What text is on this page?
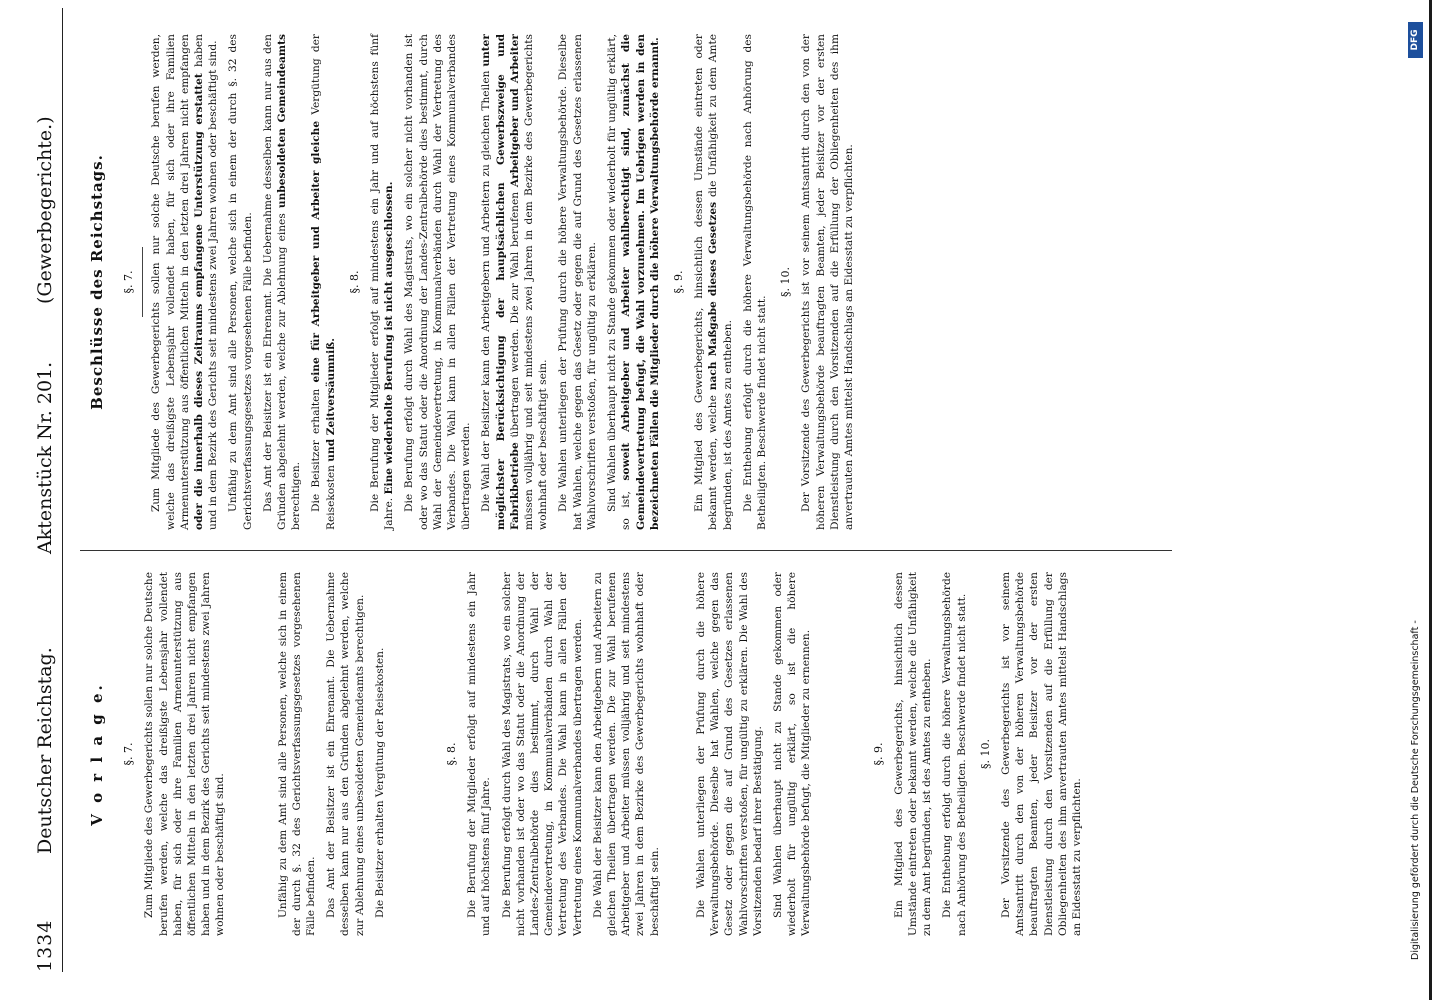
1334
Deutscher Reichstag.
Aktenstück Nr. 201.
(Gewerbegerichte.)
V o r l a g e. §. 7. Zum Mitgliede des Gewerbegerichts sollen nur solche Deutsche berufen werden, welche das dreißigste Lebensjahr vollendet haben, für sich oder ihre Familien Armenunterstützung aus öffentlichen Mitteln in den letzten drei Jahren nicht empfangen haben und in dem Bezirk des Gerichts seit mindestens zwei Jahren wohnen oder beschäftigt sind.	Unfähig zu dem Amt sind alle Personen, welche sich in einem der durch §. 32 des Gerichtsverfassungsgesetzes vorgesehenen Fälle befinden. Das Amt der Beisitzer ist ein Ehrenamt. Die Uebernahme desselben kann nur aus den Gründen abgelehnt werden, welche zur Ablehnung eines unbesoldeten Gemeindeamts berechtigen. Die Beisitzer erhalten Vergütung der Reisekosten.	§. 8. Die Berufung der Mitglieder erfolgt auf mindestens ein Jahr und auf höchstens fünf Jahre. Die Berufung erfolgt durch Wahl des Magistrats, wo ein solcher nicht vorhanden ist oder wo das Statut oder die Anordnung der Landes-Zentralbehörde dies bestimmt, durch Wahl der Gemeindevertretung, in Kommunalverbänden durch Wahl der Vertretung des Verbandes. Die Wahl kann in allen Fällen der Vertretung eines Kommunalverbandes übertragen werden. Die Wahl der Beisitzer kann den Arbeitgebern und Arbeitern zu gleichen Theilen übertragen werden. Die zur Wahl berufenen Arbeitgeber und Arbeiter müssen volljährig und seit mindestens zwei Jahren in dem Bezirke des Gewerbegerichts wohnhaft oder beschäftigt sein.	Die Wahlen unterliegen der Prüfung durch die höhere Verwaltungsbehörde. Dieselbe hat Wahlen, welche gegen das Gesetz oder gegen die auf Grund des Gesetzes erlassenen Wahlvorschriften verstoßen, für ungültig zu erklären. Die Wahl des Vorsitzenden bedarf ihrer Bestätigung. Sind Wahlen überhaupt nicht zu Stande gekommen oder wiederholt für ungültig erklärt, so ist die höhere Verwaltungsbehörde befugt, die Mitglieder zu ernennen.	§. 9. Ein Mitglied des Gewerbegerichts, hinsichtlich dessen Umstände eintreten oder bekannt werden, welche die Unfähigkeit zu dem Amt begründen, ist des Amtes zu entheben. Die Enthebung erfolgt durch die höhere Verwaltungsbehörde nach Anhörung des Betheiligten. Beschwerde findet nicht statt. §. 10. Der Vorsitzende des Gewerbegerichts ist vor seinem Amtsantritt durch den von der höheren Verwaltungsbehörde beauftragten Beamten, jeder Beisitzer vor der ersten Dienstleistung durch den Vorsitzenden auf die Erfüllung der Obliegenheiten des ihm anvertrauten Amtes mittelst Handschlags an Eidesstatt zu verpflichten.

Beschlüsse des Reichstags. §. 7. Zum Mitgliede des Gewerbegerichts sollen nur solche Deutsche berufen werden, welche das dreißigste Lebensjahr vollendet haben, für sich oder ihre Familien Armenunterstützung aus öffentlichen Mitteln in den letzten drei Jahren nicht empfangen oder die innerhalb dieses Zeitraums empfangene Unterstützung erstattet haben und in dem Bezirk des Gerichts seit mindestens zwei Jahren wohnen oder beschäftigt sind. Unfähig zu dem Amt sind alle Personen, welche sich in einem der durch §. 32 des Gerichtsverfassungsgesetzes vorgesehenen Fälle befinden. Das Amt der Beisitzer ist ein Ehrenamt. Die Uebernahme desselben kann nur aus den Gründen abgelehnt werden, welche zur Ablehnung eines unbesoldeten Gemeindeamts berechtigen. Die Beisitzer erhalten eine für Arbeitgeber und Arbeiter gleiche Vergütung der Reisekosten und Zeitversäumniß.

§. 8. Die Berufung der Mitglieder erfolgt auf mindestens ein Jahr und auf höchstens fünf Jahre. Eine wiederholte Berufung ist nicht ausgeschlossen. Die Berufung erfolgt durch Wahl des Magistrats, wo ein solcher nicht vorhanden ist oder wo das Statut oder die Anordnung der Landes-Zentralbehörde dies bestimmt, durch Wahl der Gemeindevertretung, in Kommunalverbänden durch Wahl der Vertretung des Verbandes. Die Wahl kann in allen Fällen der Vertretung eines Kommunalverbandes übertragen werden. Die Wahl der Beisitzer kann den Arbeitgebern und Arbeitern zu gleichen Theilen unter möglichster Berücksichtigung der hauptsächlichen Gewerbszweige und Fabrikbetriebe übertragen werden. Die zur Wahl berufenen Arbeitgeber und Arbeiter müssen volljährig und seit mindestens zwei Jahren in dem Bezirke des Gewerbegerichts wohnhaft oder beschäftigt sein. Die Wahlen unterliegen der Prüfung durch die höhere Verwaltungsbehörde. Dieselbe hat Wahlen, welche gegen das Gesetz oder gegen die auf Grund des Gesetzes erlassenen Wahlvorschriften verstoßen, für ungültig zu erklären. Sind Wahlen überhaupt nicht zu Stande gekommen oder wiederholt für ungültig erklärt, so ist, soweit Arbeitgeber und Arbeiter wahlberechtigt sind, zunächst die Gemeindevertretung befugt, die Wahl vorzunehmen. Im Uebrigen werden in den bezeichneten Fällen die Mitglieder durch die höhere Verwaltungsbehörde ernannt. §. 9. Ein Mitglied des Gewerbegerichts, hinsichtlich dessen Umstände eintreten oder bekannt werden, welche nach Maßgabe dieses Gesetzes die Unfähigkeit zu dem Amte begründen, ist des Amtes zu entheben. Die Enthebung erfolgt durch die höhere Verwaltungsbehörde nach Anhörung des Betheiligten. Beschwerde findet nicht statt.

§. 10. Der Vorsitzende des Gewerbegerichts ist vor seinem Amtsantritt durch den von der höheren Verwaltungsbehörde beauftragten Beamten, jeder Beisitzer vor der ersten Dienstleistung durch den Vorsitzenden auf die Erfüllung der Obliegenheiten des ihm anvertrauten Amtes mittelst Handschlags an Eidesstatt zu verpflichten.

Digitalisierung gefördert durch die Deutsche Forschungsgemeinschaft -
DFG
